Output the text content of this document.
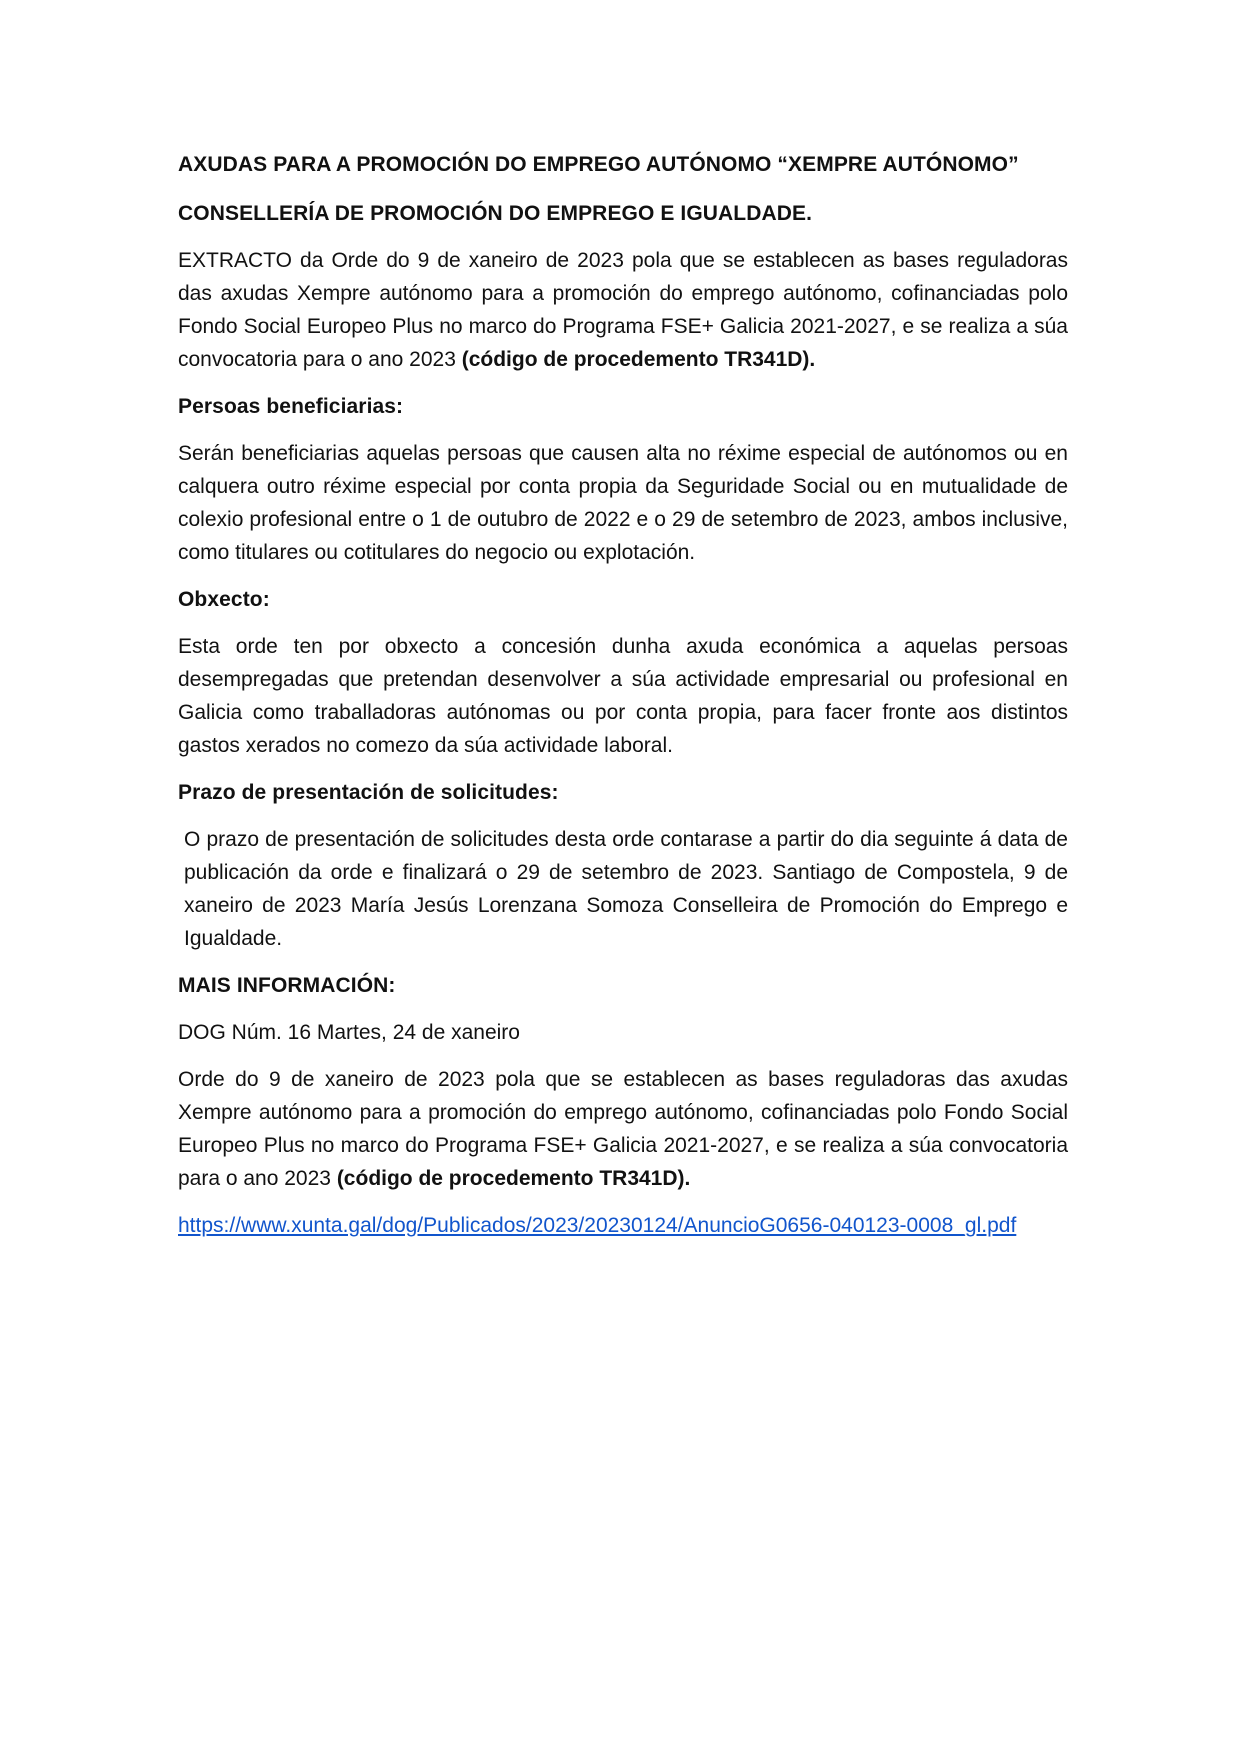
AXUDAS PARA A PROMOCIÓN DO EMPREGO AUTÓNOMO “XEMPRE AUTÓNOMO”
CONSELLERÍA DE PROMOCIÓN DO EMPREGO E IGUALDADE.
EXTRACTO da Orde do 9 de xaneiro de 2023 pola que se establecen as bases reguladoras das axudas Xempre autónomo para a promoción do emprego autónomo, cofinanciadas polo Fondo Social Europeo Plus no marco do Programa FSE+ Galicia 2021-2027, e se realiza a súa convocatoria para o ano 2023 (código de procedemento TR341D).
Persoas beneficiarias:
Serán beneficiarias aquelas persoas que causen alta no réxime especial de autónomos ou en calquera outro réxime especial por conta propia da Seguridade Social ou en mutualidade de colexio profesional entre o 1 de outubro de 2022 e o 29 de setembro de 2023, ambos inclusive, como titulares ou cotitulares do negocio ou explotación.
Obxecto:
Esta orde ten por obxecto a concesión dunha axuda económica a aquelas persoas desempregadas que pretendan desenvolver a súa actividade empresarial ou profesional en Galicia como traballadoras autónomas ou por conta propia, para facer fronte aos distintos gastos xerados no comezo da súa actividade laboral.
Prazo de presentación de solicitudes:
O prazo de presentación de solicitudes desta orde contarase a partir do dia seguinte á data de publicación da orde e finalizará o 29 de setembro de 2023. Santiago de Compostela, 9 de xaneiro de 2023 María Jesús Lorenzana Somoza Conselleira de Promoción do Emprego e Igualdade.
MAIS INFORMACIÓN:
DOG Núm. 16 Martes, 24 de xaneiro
Orde do 9 de xaneiro de 2023 pola que se establecen as bases reguladoras das axudas Xempre autónomo para a promoción do emprego autónomo, cofinanciadas polo Fondo Social Europeo Plus no marco do Programa FSE+ Galicia 2021-2027, e se realiza a súa convocatoria para o ano 2023 (código de procedemento TR341D).
https://www.xunta.gal/dog/Publicados/2023/20230124/AnuncioG0656-040123-0008_gl.pdf
